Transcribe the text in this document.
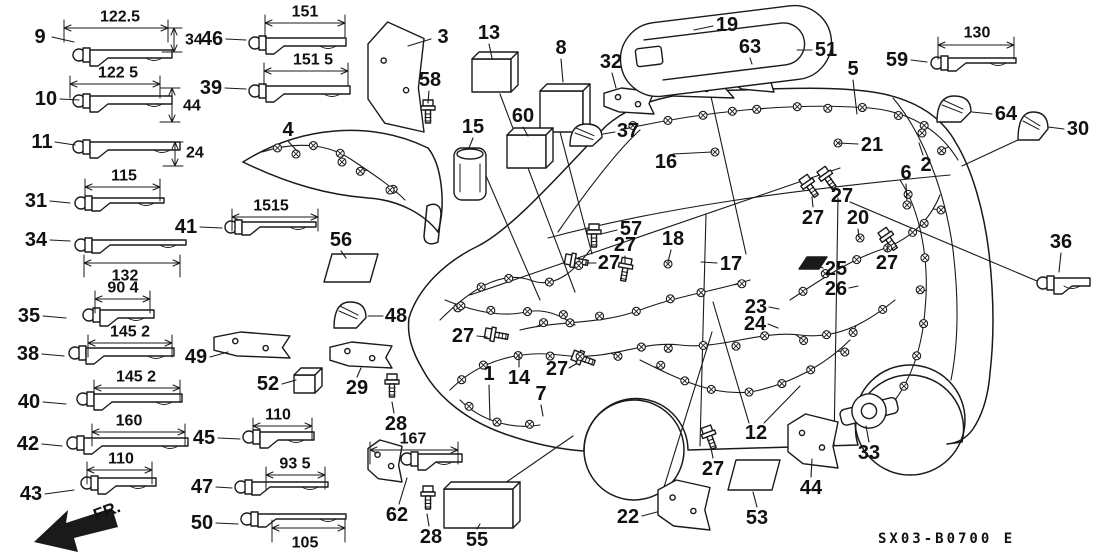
122.5
122 5
115
132
90 4
145 2
145 2
160
110
151
151 5
1515
110
93 5
105
167
130
34
44
24
9
10
11
31
34
35
38
40
42
43
46
39
41
49
52
45
47
50
3
58
13
8
32
60
15	37
16
4
56
48
29
28
62
28 55
22	53
44
33
12
19
63	51
5 59
64
30
21
2
6
57
27
27
18
17
20
27
27
27
25
26
23
24
36
1 14
27
27
7
27
FR.
SX03-B0700 E
